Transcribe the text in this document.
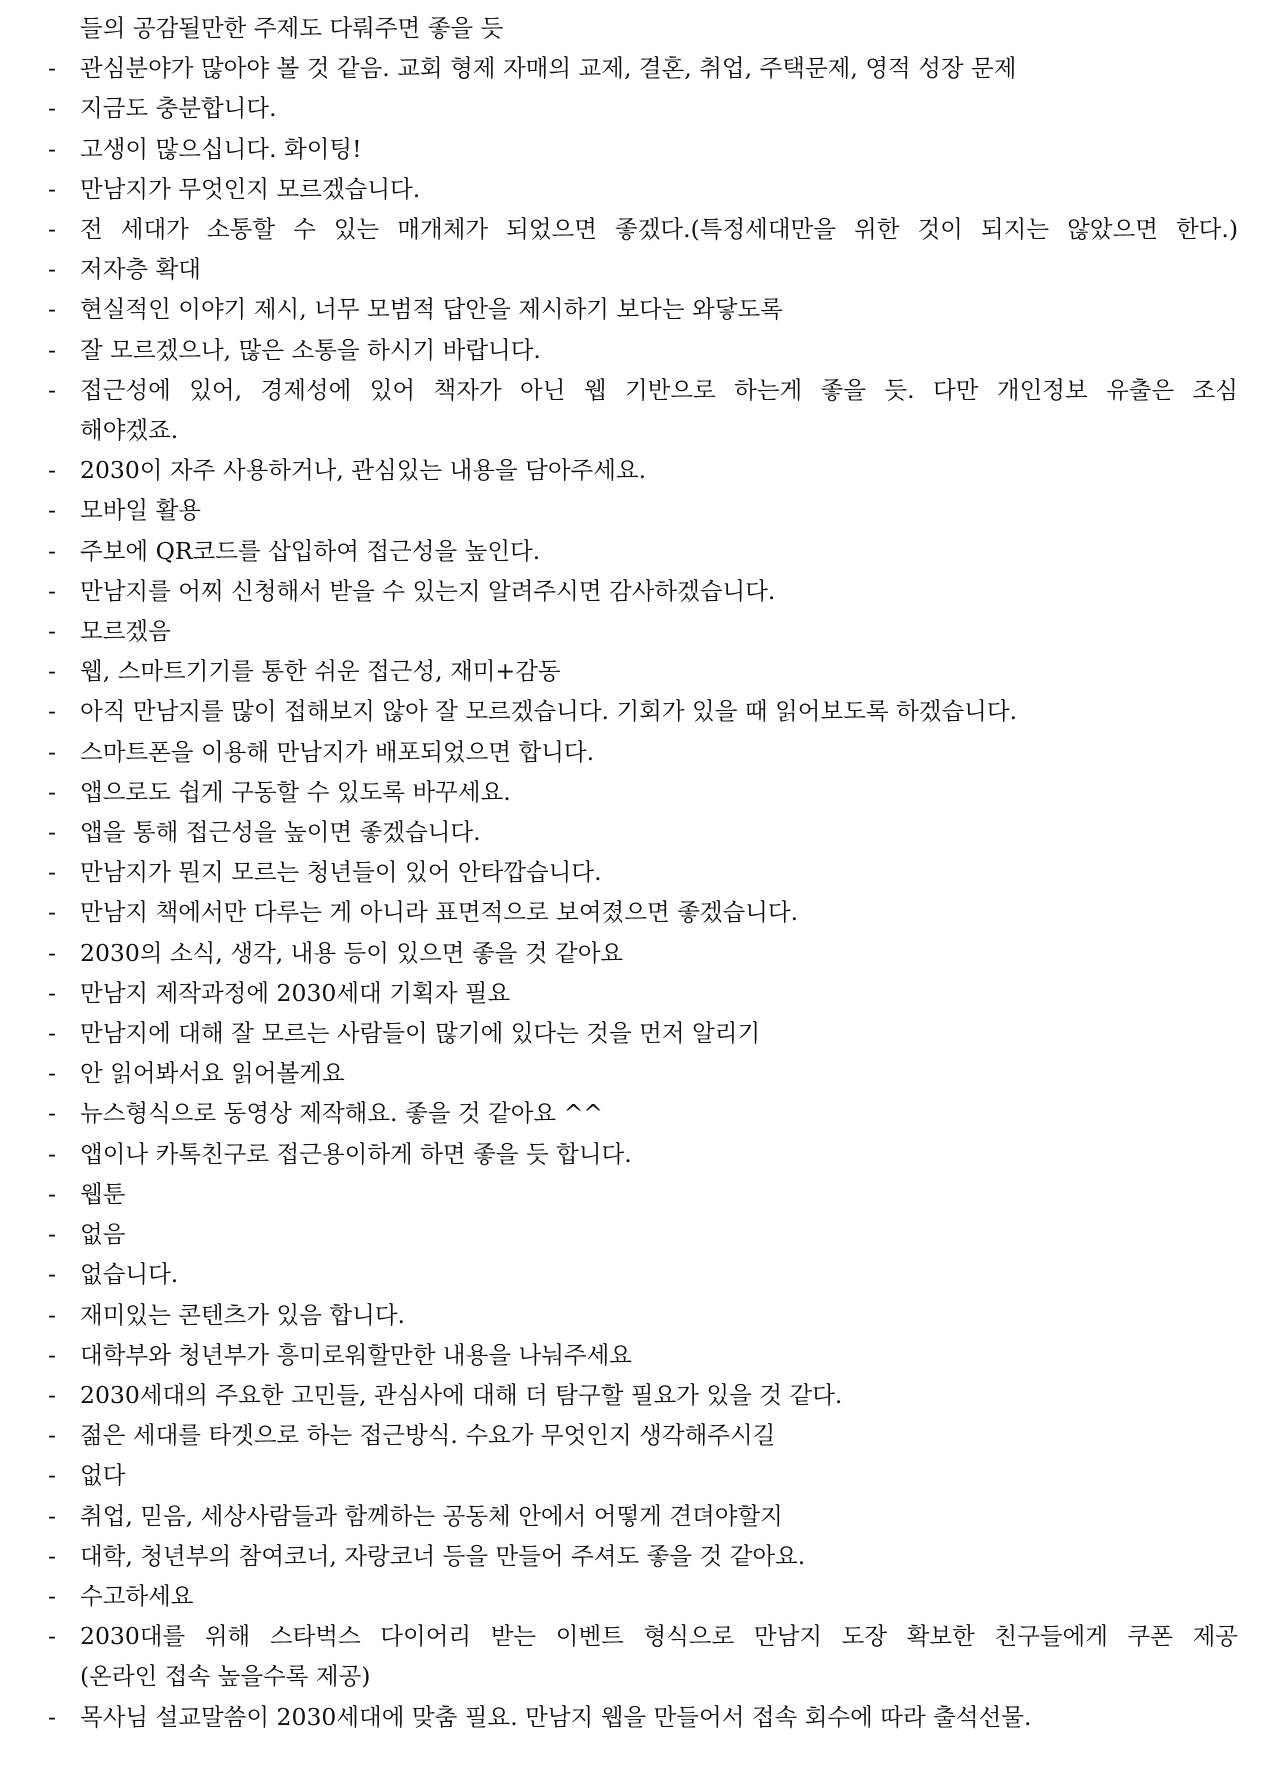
들의 공감될만한 주제도 다뤄주면 좋을 듯
-	관심분야가 많아야 볼 것 같음. 교회 형제 자매의 교제, 결혼, 취업, 주택문제, 영적 성장 문제
-	지금도 충분합니다.
-	고생이 많으십니다. 화이팅!
-	만남지가 무엇인지 모르겠습니다.
-	전 세대가 소통할 수 있는 매개체가 되었으면 좋겠다.(특정세대만을 위한 것이 되지는 않았으면 한다.)
-	저자층 확대
-	현실적인 이야기 제시, 너무 모범적 답안을 제시하기 보다는 와닿도록
-	잘 모르겠으나, 많은 소통을 하시기 바랍니다.
-	접근성에 있어, 경제성에 있어 책자가 아닌 웹 기반으로 하는게 좋을 듯. 다만 개인정보 유출은 조심
해야겠죠.
-	2030이 자주 사용하거나, 관심있는 내용을 담아주세요.
-	모바일 활용
-	주보에 QR코드를 삽입하여 접근성을 높인다.
-	만남지를 어찌 신청해서 받을 수 있는지 알려주시면 감사하겠습니다.
-	모르겠음
-	웹, 스마트기기를 통한 쉬운 접근성, 재미+감동
-	아직 만남지를 많이 접해보지 않아 잘 모르겠습니다. 기회가 있을 때 읽어보도록 하겠습니다.
-	스마트폰을 이용해 만남지가 배포되었으면 합니다.
-	앱으로도 쉽게 구동할 수 있도록 바꾸세요.
-	앱을 통해 접근성을 높이면 좋겠습니다.
-	만남지가 뭔지 모르는 청년들이 있어 안타깝습니다.
-	만남지 책에서만 다루는 게 아니라 표면적으로 보여졌으면 좋겠습니다.
-	2030의 소식, 생각, 내용 등이 있으면 좋을 것 같아요
-	만남지 제작과정에 2030세대 기획자 필요
-	만남지에 대해 잘 모르는 사람들이 많기에 있다는 것을 먼저 알리기
-	안 읽어봐서요 읽어볼게요
-	뉴스형식으로 동영상 제작해요. 좋을 것 같아요 ^^
-	앱이나 카톡친구로 접근용이하게 하면 좋을 듯 합니다.
-	웹툰
-	없음
-	없습니다.
-	재미있는 콘텐츠가 있음 합니다.
-	대학부와 청년부가 흥미로워할만한 내용을 나눠주세요
-	2030세대의 주요한 고민들, 관심사에 대해 더 탐구할 필요가 있을 것 같다.
-	젊은 세대를 타겟으로 하는 접근방식. 수요가 무엇인지 생각해주시길
-	없다
-	취업, 믿음, 세상사람들과 함께하는 공동체 안에서 어떻게 견뎌야할지
-	대학, 청년부의 참여코너, 자랑코너 등을 만들어 주셔도 좋을 것 같아요.
-	수고하세요
-	2030대를 위해 스타벅스 다이어리 받는 이벤트 형식으로 만남지 도장 확보한 친구들에게 쿠폰 제공
(온라인 접속 높을수록 제공)
-	목사님 설교말씀이 2030세대에 맞춤 필요. 만남지 웹을 만들어서 접속 회수에 따라 출석선물.
